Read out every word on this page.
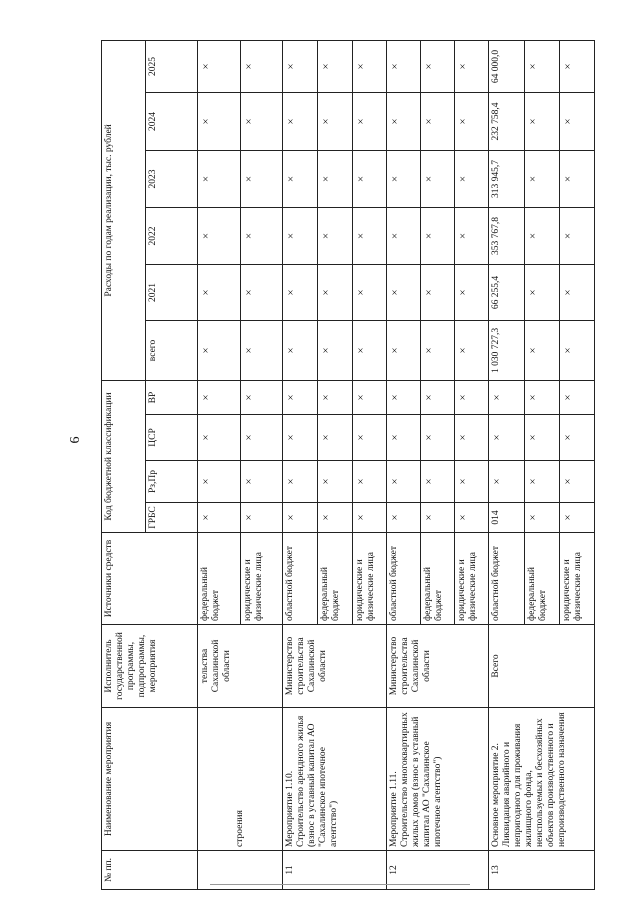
6
№ пп.	Наименование мероприятия	Исполнитель государственной программы, подпрограммы, мероприятия	Источники средств	Код бюджетной классификации				Расходы по годам реализации, тыс. рублей					
				ГРБС	Рз,Пр	ЦСР	ВР	всего	2021	2022	2023	2024	2025
	строения	тельства Сахалинской области	федеральный бюджет	×	×	×	×	×	×	×	×	×	×
			юридические и физические лица	×	×	×	×	×	×	×	×	×	×
11	Мероприятие 1.10. Строительство арендного жилья (взнос в уставный капитал АО "Сахалинское ипотечное агентство")	Министерство строительства Сахалинской области	областной бюджет	×	×	×	×	×	×	×	×	×	×
			федеральный бюджет	×	×	×	×	×	×	×	×	×	×
			юридические и физические лица	×	×	×	×	×	×	×	×	×	×
12	Мероприятие 1.11. Строительство многоквартирных жилых домов (взнос в уставный капитал АО "Сахалинское ипотечное агентство")	Министерство строительства Сахалинской области	областной бюджет	×	×	×	×	×	×	×	×	×	×
			федеральный бюджет	×	×	×	×	×	×	×	×	×	×
			юридические и физические лица	×	×	×	×	×	×	×	×	×	×
13	Основное мероприятие 2. Ликвидация аварийного и непригодного для проживания жилищного фонда, неиспользуемых и бесхозяйных объектов производственного и непроизводственного назначения	Всего	областной бюджет	014	×	×	×	1 030 727,3	66 255,4	353 767,8	313 945,7	232 758,4	64 000,0
			федеральный бюджет	×	×	×	×	×	×	×	×	×	×
			юридические и физические лица	×	×	×	×	×	×	×	×	×	×
